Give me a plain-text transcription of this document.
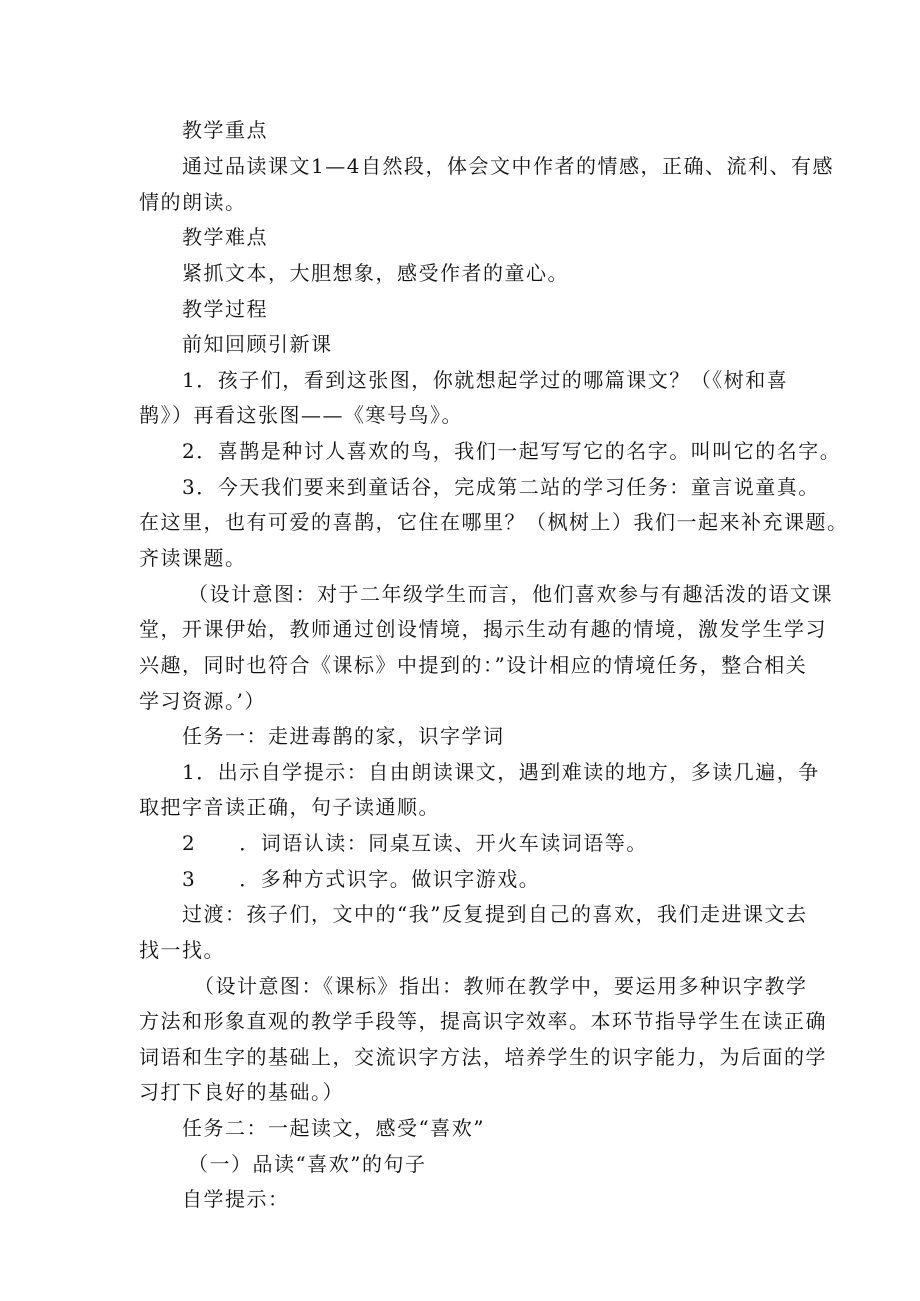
教学重点
通过品读课文1—4自然段，体会文中作者的情感，正确、流利、有感
情的朗读。
教学难点
紧抓文本，大胆想象，感受作者的童心。
教学过程
前知回顾引新课
1．孩子们，看到这张图，你就想起学过的哪篇课文？（《树和喜
鹊》）再看这张图——《寒号鸟》。
2．喜鹊是种讨人喜欢的鸟，我们一起写写它的名字。叫叫它的名字。
3．今天我们要来到童话谷，完成第二站的学习任务：童言说童真。
在这里，也有可爱的喜鹊，它住在哪里？（枫树上）我们一起来补充课题。
齐读课题。
（设计意图：对于二年级学生而言，他们喜欢参与有趣活泼的语文课
堂，开课伊始，教师通过创设情境，揭示生动有趣的情境，激发学生学习
兴趣，同时也符合《课标》中提到的：”设计相应的情境任务，整合相关
学习资源。’）
任务一：走进毒鹊的家，识字学词
1．出示自学提示：自由朗读课文，遇到难读的地方，多读几遍，争
取把字音读正确，句子读通顺。
2　　．词语认读：同桌互读、开火车读词语等。
3　　．多种方式识字。做识字游戏。
过渡：孩子们，文中的“我”反复提到自己的喜欢，我们走进课文去
找一找。
（设计意图：《课标》指出：教师在教学中，要运用多种识字教学
方法和形象直观的教学手段等，提高识字效率。本环节指导学生在读正确
词语和生字的基础上，交流识字方法，培养学生的识字能力，为后面的学
习打下良好的基础。）
任务二：一起读文，感受“喜欢”
（一）品读“喜欢”的句子
自学提示：
